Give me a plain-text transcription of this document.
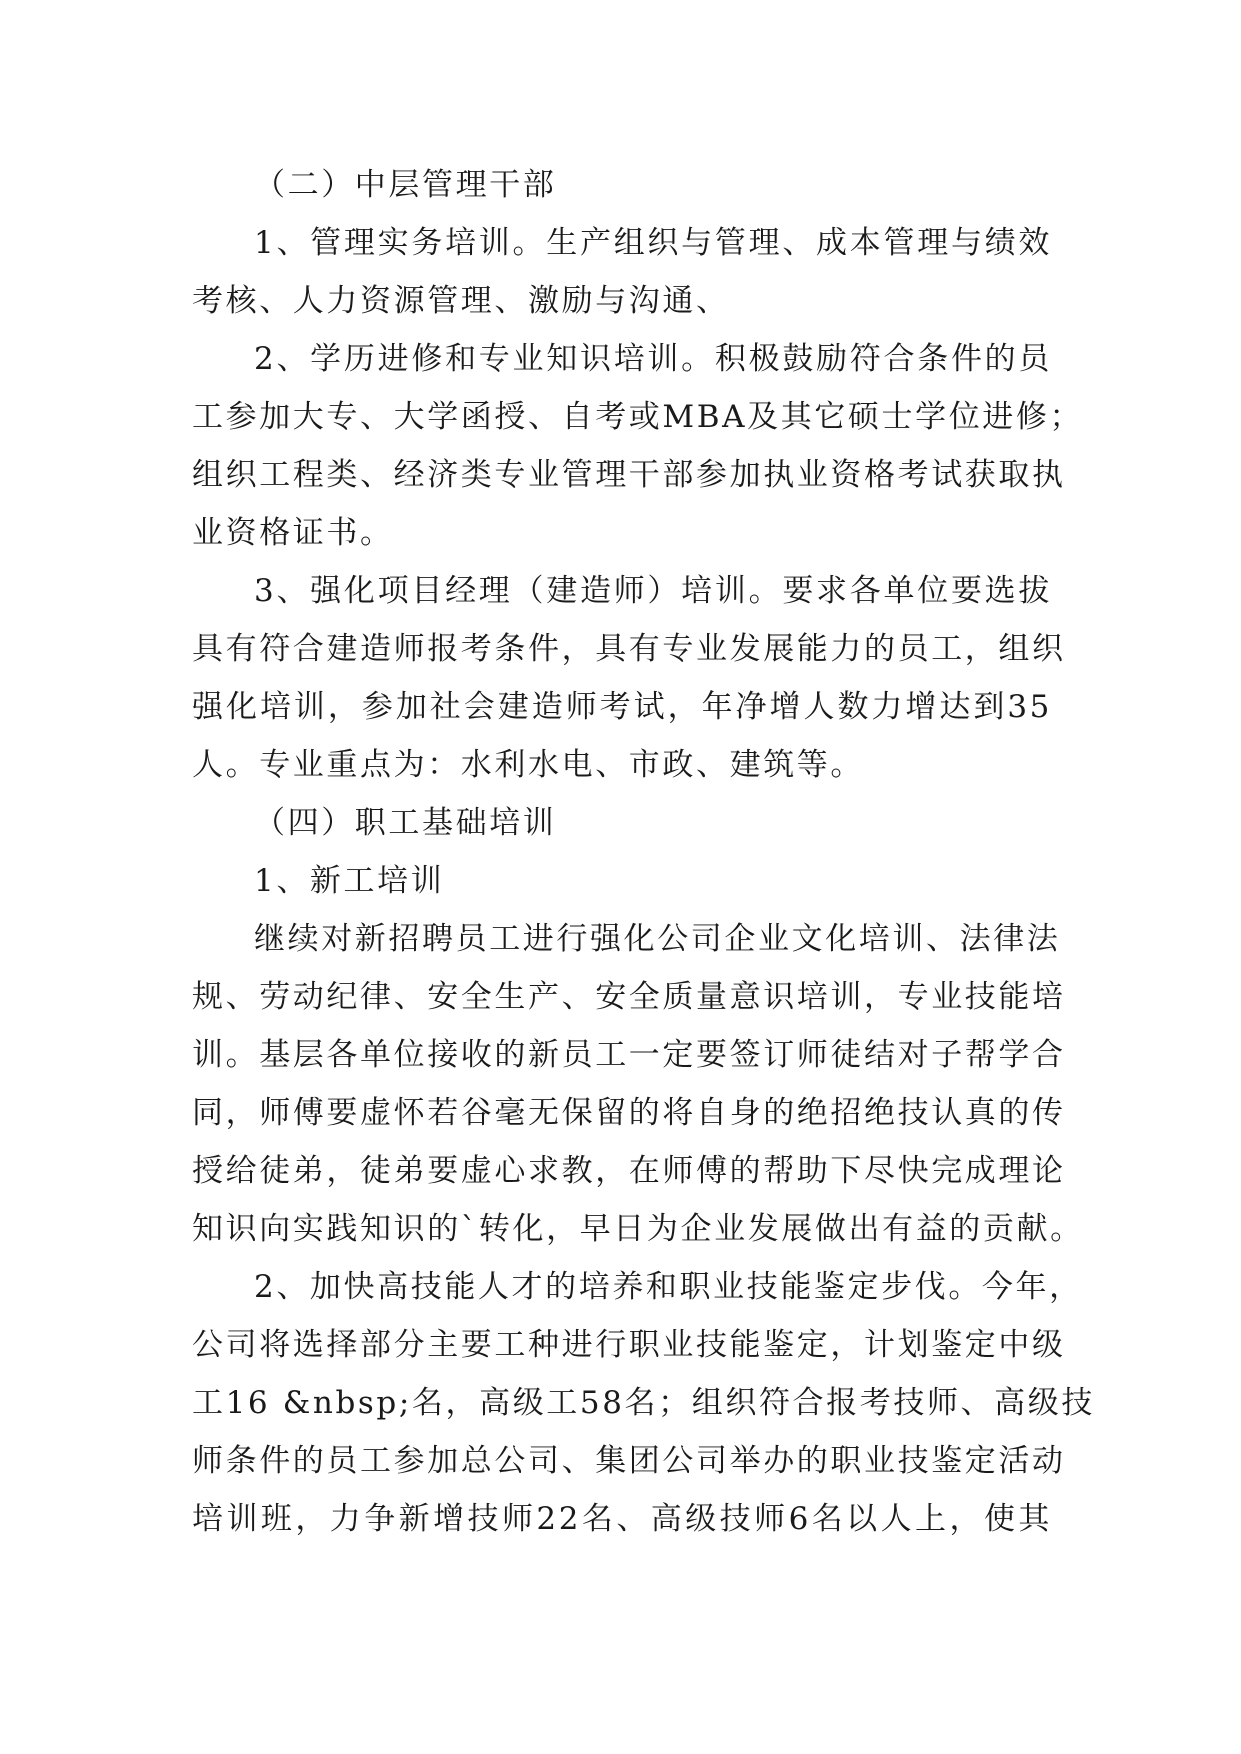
（二）中层管理干部
1、管理实务培训。生产组织与管理、成本管理与绩效
考核、人力资源管理、激励与沟通、
2、学历进修和专业知识培训。积极鼓励符合条件的员
工参加大专、大学函授、自考或MBA及其它硕士学位进修；
组织工程类、经济类专业管理干部参加执业资格考试获取执
业资格证书。
3、强化项目经理（建造师）培训。要求各单位要选拔
具有符合建造师报考条件，具有专业发展能力的员工，组织
强化培训，参加社会建造师考试，年净增人数力增达到35
人。专业重点为：水利水电、市政、建筑等。
（四）职工基础培训
1、新工培训
继续对新招聘员工进行强化公司企业文化培训、法律法
规、劳动纪律、安全生产、安全质量意识培训，专业技能培
训。基层各单位接收的新员工一定要签订师徒结对子帮学合
同，师傅要虚怀若谷毫无保留的将自身的绝招绝技认真的传
授给徒弟，徒弟要虚心求教，在师傅的帮助下尽快完成理论
知识向实践知识的`转化，早日为企业发展做出有益的贡献。
2、加快高技能人才的培养和职业技能鉴定步伐。今年，
公司将选择部分主要工种进行职业技能鉴定，计划鉴定中级
工16 &nbsp;名，高级工58名；组织符合报考技师、高级技
师条件的员工参加总公司、集团公司举办的职业技鉴定活动
培训班，力争新增技师22名、高级技师6名以人上，使其
